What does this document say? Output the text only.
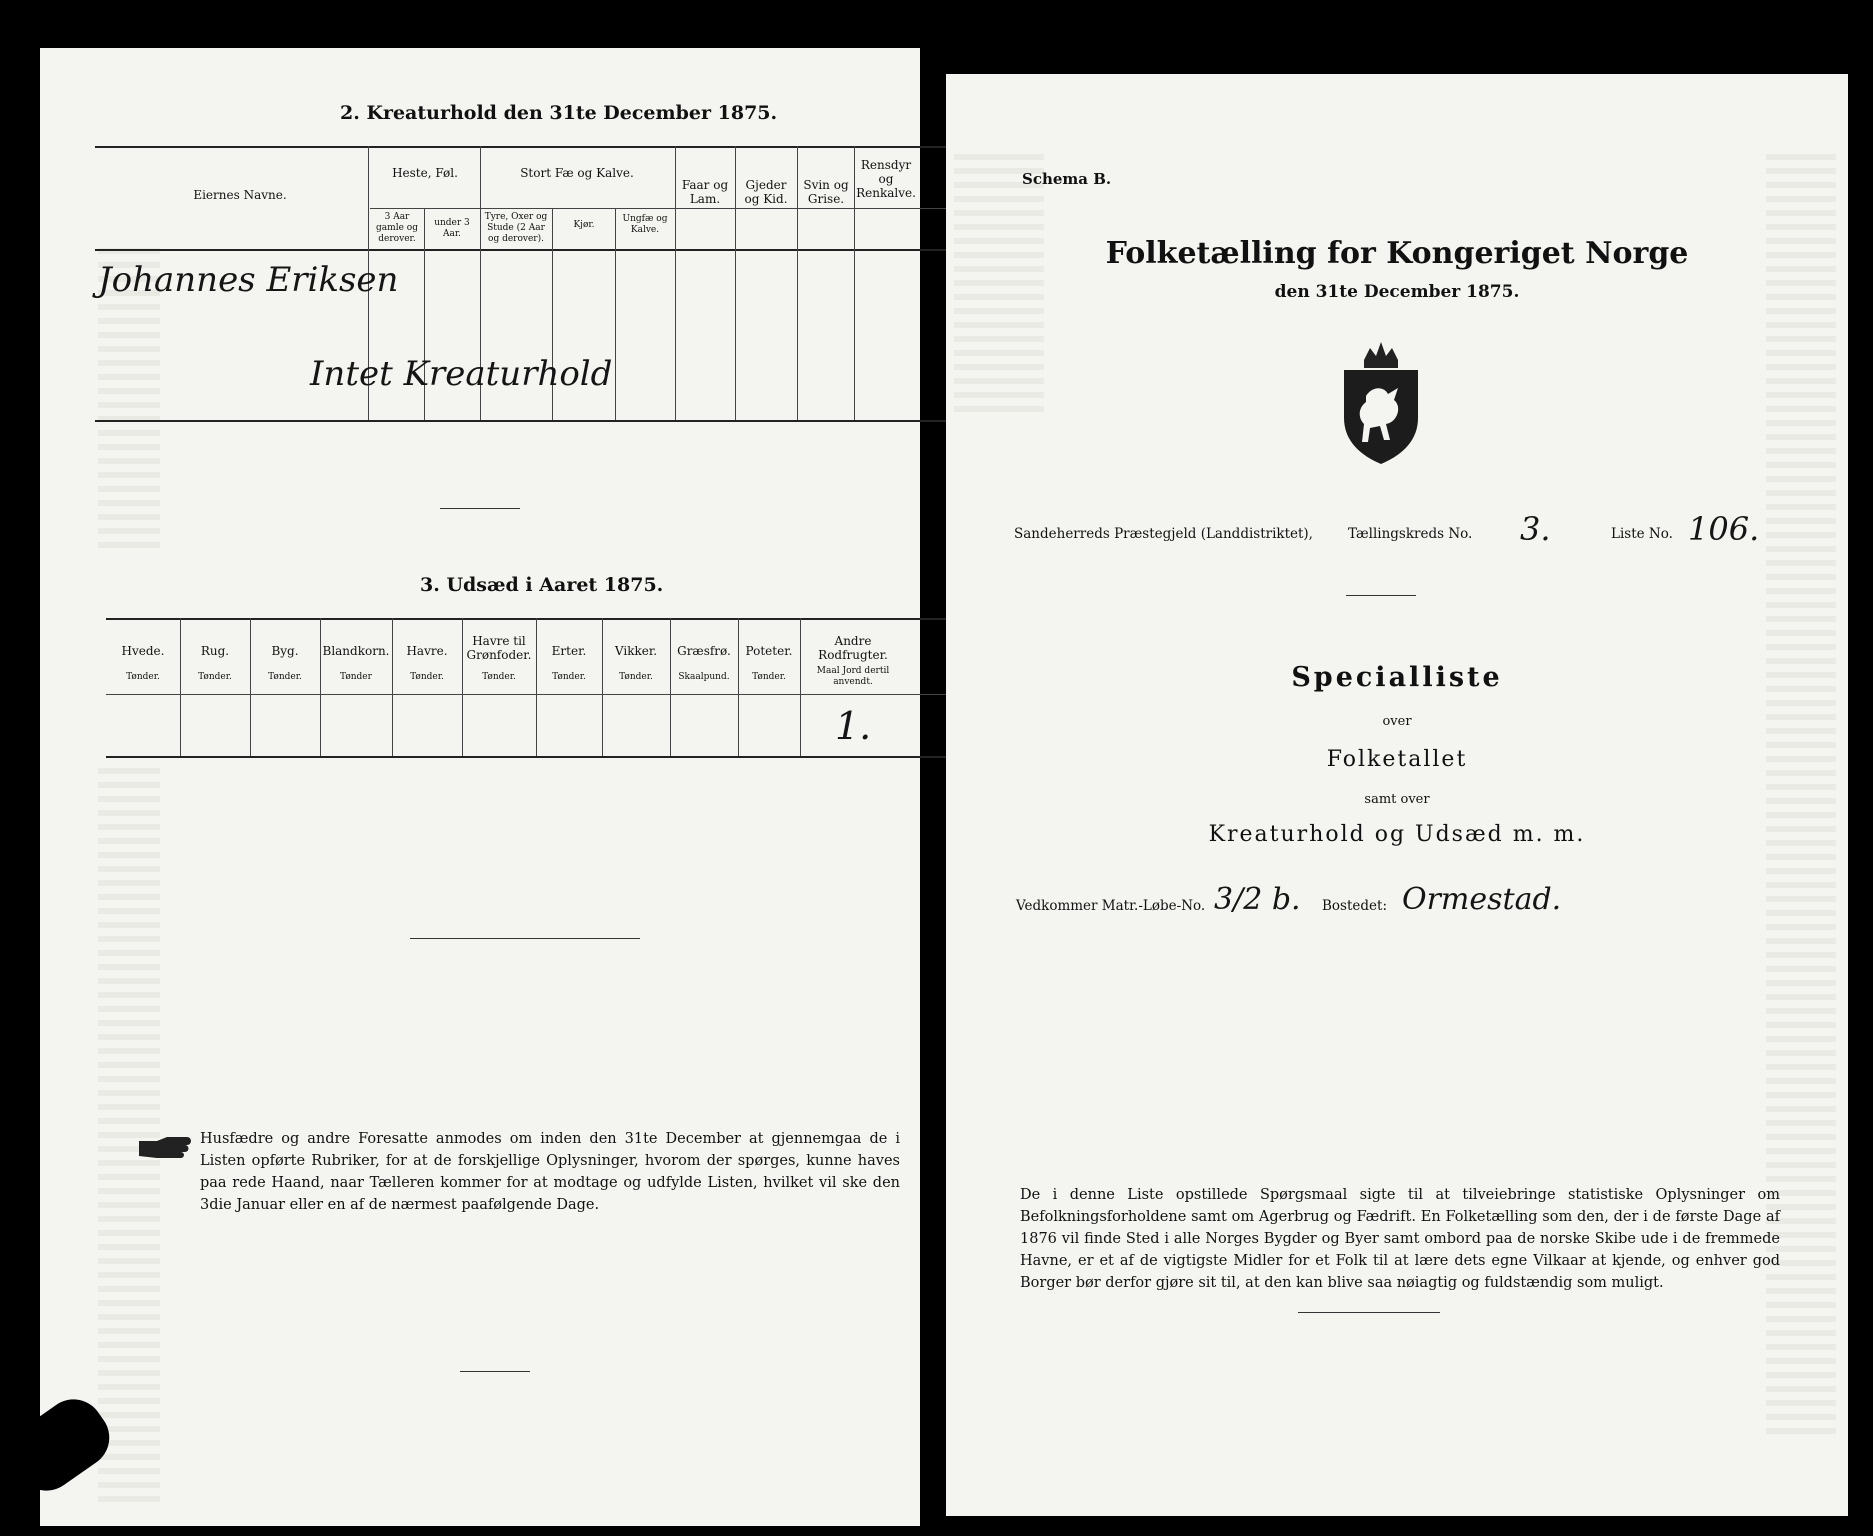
2. Kreaturhold den 31te December 1875.
Eiernes Navne.
Heste, Føl.
3 Aar gamle og derover.
under 3 Aar.
Stort Fæ og Kalve.
Tyre, Oxer og Stude (2 Aar og derover).
Kjør.
Ungfæ og Kalve.
Faar og Lam.
Gjeder og Kid.
Svin og Grise.
Rensdyr og Renkalve.
Johannes Eriksen
Intet Kreaturhold
3. Udsæd i Aaret 1875.
1.
Husfædre og andre Foresatte anmodes om inden den 31te December at gjennemgaa de i Listen opførte Rubriker, for at de forskjellige Oplysninger, hvorom der spørges, kunne haves paa rede Haand, naar Tælleren kommer for at modtage og udfylde Listen, hvilket vil ske den 3die Januar eller en af de nærmest paafølgende Dage.
Hvede.
Tønder.
Rug.
Tønder.
Byg.
Tønder.
Blandkorn.
Tønder
Havre.
Tønder.
Havre til Grønfoder.
Tønder.
Erter.
Tønder.
Vikker.
Tønder.
Græsfrø.
Skaalpund.
Poteter.
Tønder.
Andre Rodfrugter.
Maal Jord dertil anvendt.
Schema B.
Folketælling for Kongeriget Norge
den 31te December 1875.
Sandeherreds Præstegjeld (Landdistriktet),	Tællingskreds No. 3.	Liste No. 106.
Specialliste
over
Folketallet
samt over
Kreaturhold og Udsæd m. m.
Vedkommer Matr.-Løbe-No. 3/2 b. Bostedet: Ormestad.
De i denne Liste opstillede Spørgsmaal sigte til at tilveiebringe statistiske Oplysninger om Befolkningsforholdene samt om Agerbrug og Fædrift. En Folketælling som den, der i de første Dage af 1876 vil finde Sted i alle Norges Bygder og Byer samt ombord paa de norske Skibe ude i de fremmede Havne, er et af de vigtigste Midler for et Folk til at lære dets egne Vilkaar at kjende, og enhver god Borger bør derfor gjøre sit til, at den kan blive saa nøiagtig og fuldstændig som muligt.
